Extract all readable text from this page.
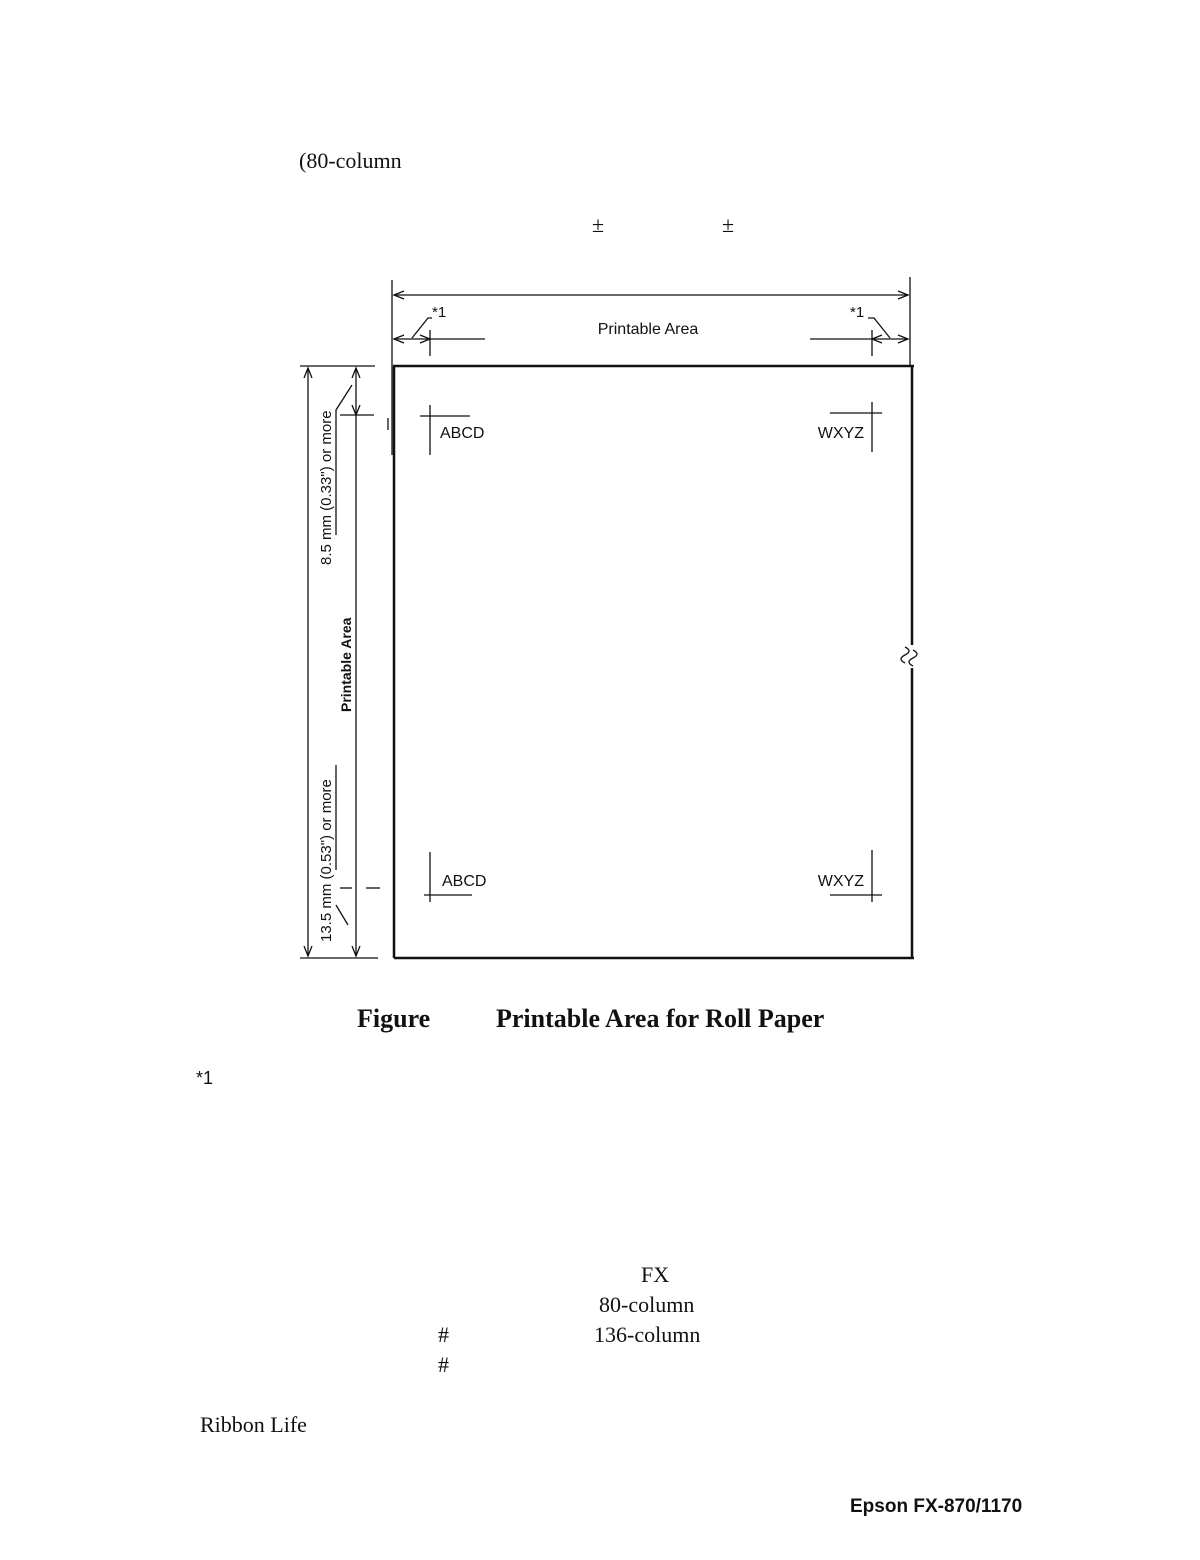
(80-column
±	±
*1	*1
Printable Area
ABCD	WXYZ
ABCD	WXYZ
8.5 mm (0.33") or more
13.5 mm (0.53") or more
Printable Area
Figure	Printable Area for Roll Paper
*1
FX
80-column
#	136-column
#
Ribbon Life
Epson FX-870/1170
